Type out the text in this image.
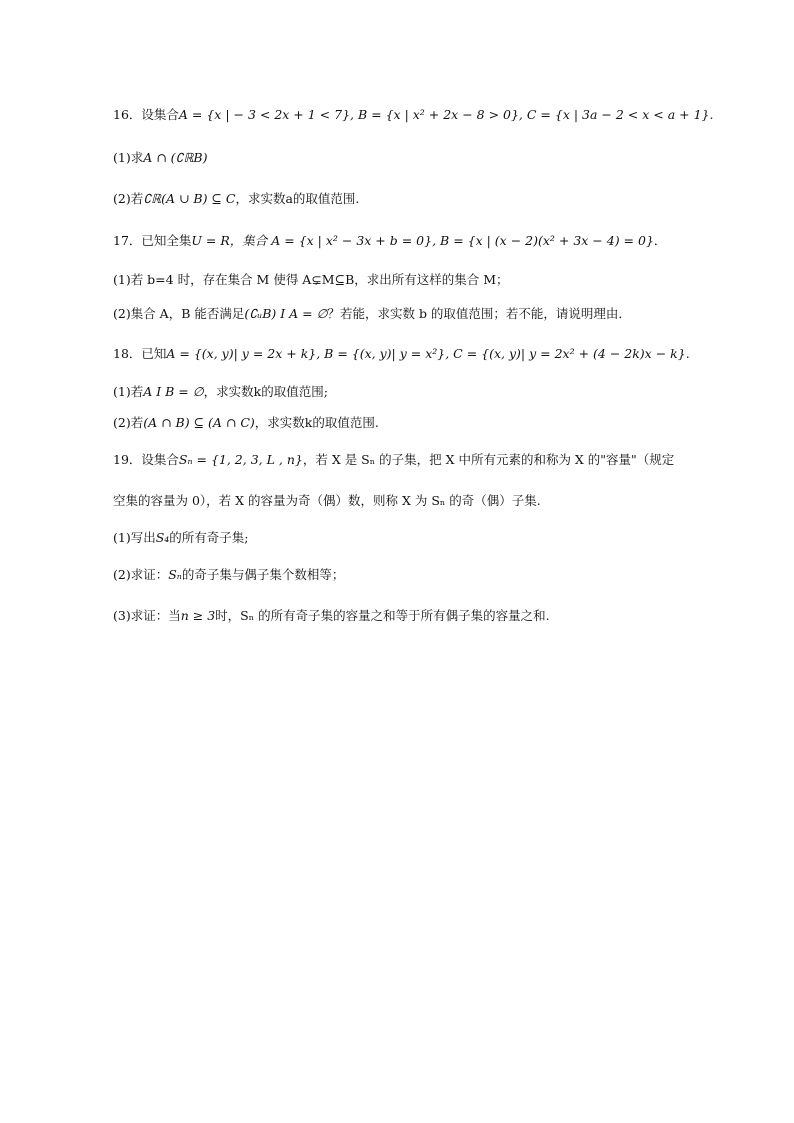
16．设集合A = {x | − 3 < 2x + 1 < 7}, B = {x | x² + 2x − 8 > 0}, C = {x | 3a − 2 < x < a + 1}.
(1)求A ∩ (∁ℝB)
(2)若∁ℝ(A ∪ B) ⊆ C，求实数a的取值范围.
17．已知全集U = R，集合 A = {x | x² − 3x + b = 0}, B = {x | (x − 2)(x² + 3x − 4) = 0}．
(1)若 b=4 时，存在集合 M 使得 A⊊M⊆B，求出所有这样的集合 M；
(2)集合 A，B 能否满足(∁ᵤB) I A = ∅？若能，求实数 b 的取值范围；若不能，请说明理由．
18．已知A = {(x, y)| y = 2x + k}, B = {(x, y)| y = x²}, C = {(x, y)| y = 2x² + (4 − 2k)x − k}.
(1)若A I B = ∅，求实数k的取值范围;
(2)若(A ∩ B) ⊆ (A ∩ C)，求实数k的取值范围.
19．设集合Sₙ = {1, 2, 3, L , n}，若 X 是 Sₙ 的子集，把 X 中所有元素的和称为 X 的"容量"（规定
空集的容量为 0），若 X 的容量为奇（偶）数，则称 X 为 Sₙ 的奇（偶）子集.
(1)写出S₄的所有奇子集;
(2)求证：Sₙ的奇子集与偶子集个数相等；
(3)求证：当n ≥ 3时，Sₙ 的所有奇子集的容量之和等于所有偶子集的容量之和.
